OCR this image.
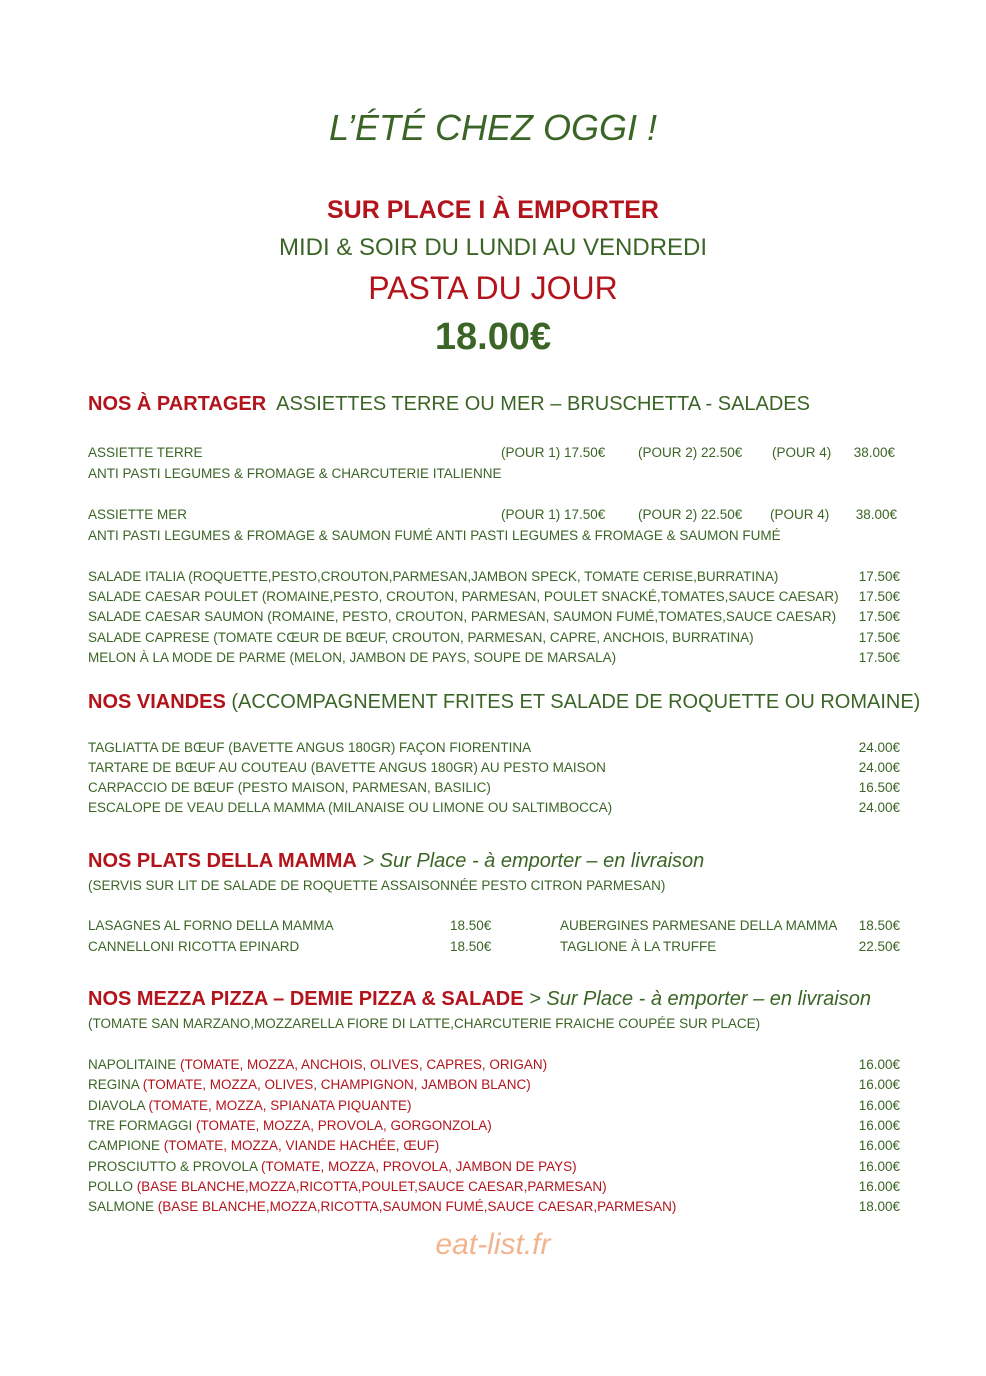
L’ÉTÉ CHEZ OGGI !
SUR PLACE I À EMPORTER
MIDI & SOIR DU LUNDI AU VENDREDI
PASTA DU JOUR
18.00€
NOS À PARTAGER ASSIETTES TERRE OU MER – BRUSCHETTA - SALADES
ASSIETTE TERRE	(POUR 1) 17.50€ (POUR 2) 22.50€ (POUR 4) 38.00€
ANTI PASTI LEGUMES & FROMAGE & CHARCUTERIE ITALIENNE
ASSIETTE MER	(POUR 1) 17.50€ (POUR 2) 22.50€ (POUR 4) 38.00€
ANTI PASTI LEGUMES & FROMAGE & SAUMON FUMÉ ANTI PASTI LEGUMES & FROMAGE & SAUMON FUMÉ
SALADE ITALIA (ROQUETTE,PESTO,CROUTON,PARMESAN,JAMBON SPECK, TOMATE CERISE,BURRATINA)	17.50€
SALADE CAESAR POULET (ROMAINE,PESTO, CROUTON, PARMESAN, POULET SNACKÉ,TOMATES,SAUCE CAESAR) 17.50€
SALADE CAESAR SAUMON (ROMAINE, PESTO, CROUTON, PARMESAN, SAUMON FUMÉ,TOMATES,SAUCE CAESAR) 17.50€
SALADE CAPRESE (TOMATE CŒUR DE BŒUF, CROUTON, PARMESAN, CAPRE, ANCHOIS, BURRATINA)	17.50€
MELON À LA MODE DE PARME (MELON, JAMBON DE PAYS, SOUPE DE MARSALA)	17.50€
NOS VIANDES (ACCOMPAGNEMENT FRITES ET SALADE DE ROQUETTE OU ROMAINE)
TAGLIATTA DE BŒUF (BAVETTE ANGUS 180GR) FAÇON FIORENTINA	24.00€
TARTARE DE BŒUF AU COUTEAU (BAVETTE ANGUS 180GR) AU PESTO MAISON	24.00€
CARPACCIO DE BŒUF (PESTO MAISON, PARMESAN, BASILIC)	16.50€
ESCALOPE DE VEAU DELLA MAMMA (MILANAISE OU LIMONE OU SALTIMBOCCA)	24.00€
NOS PLATS DELLA MAMMA > Sur Place - à emporter – en livraison
(SERVIS SUR LIT DE SALADE DE ROQUETTE ASSAISONNÉE PESTO CITRON PARMESAN)
LASAGNES AL FORNO DELLA MAMMA	18.50€	AUBERGINES PARMESANE DELLA MAMMA 18.50€
CANNELLONI RICOTTA EPINARD	18.50€	TAGLIONE À LA TRUFFE	22.50€
NOS MEZZA PIZZA – DEMIE PIZZA & SALADE > Sur Place - à emporter – en livraison
(TOMATE SAN MARZANO,MOZZARELLA FIORE DI LATTE,CHARCUTERIE FRAICHE COUPÉE SUR PLACE)
NAPOLITAINE (TOMATE, MOZZA, ANCHOIS, OLIVES, CAPRES, ORIGAN)	16.00€
REGINA (TOMATE, MOZZA, OLIVES, CHAMPIGNON, JAMBON BLANC)	16.00€
DIAVOLA (TOMATE, MOZZA, SPIANATA PIQUANTE)	16.00€
TRE FORMAGGI (TOMATE, MOZZA, PROVOLA, GORGONZOLA)	16.00€
CAMPIONE (TOMATE, MOZZA, VIANDE HACHÉE, ŒUF)	16.00€
PROSCIUTTO & PROVOLA (TOMATE, MOZZA, PROVOLA, JAMBON DE PAYS)	16.00€
POLLO (BASE BLANCHE,MOZZA,RICOTTA,POULET,SAUCE CAESAR,PARMESAN)	16.00€
SALMONE (BASE BLANCHE,MOZZA,RICOTTA,SAUMON FUMÉ,SAUCE CAESAR,PARMESAN)	18.00€
eat-list.fr
